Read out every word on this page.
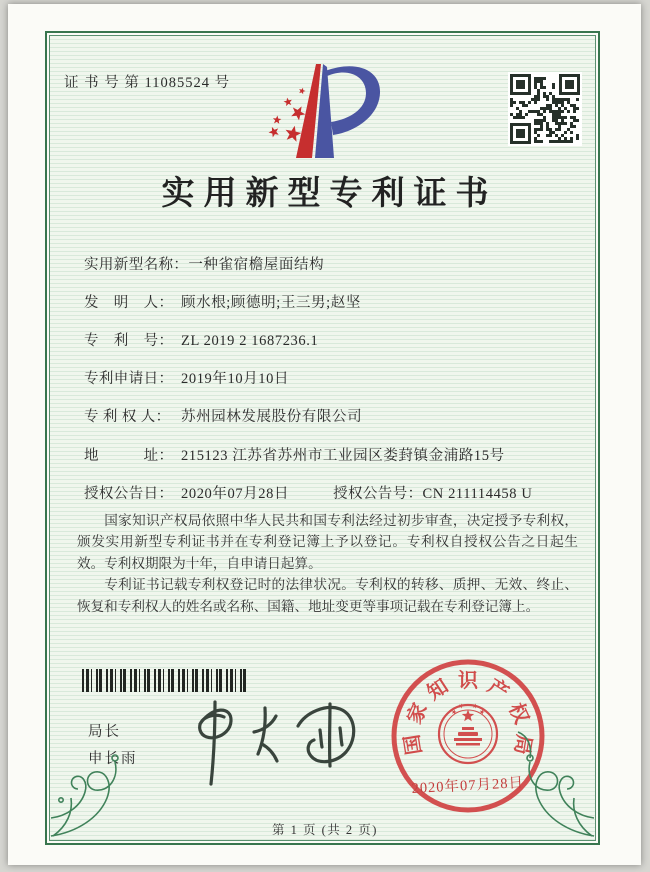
证 书 号 第 11085524 号
实用新型专利证书
实用新型名称：一种雀宿檐屋面结构
发　明　人： 顾水根;顾德明;王三男;赵坚
专　利　号： ZL 2019 2 1687236.1
专利申请日： 2019年10月10日
专 利 权 人： 苏州园林发展股份有限公司
地　　　址： 215123 江苏省苏州市工业园区娄葑镇金浦路15号
授权公告日： 2020年07月28日	授权公告号：CN 211114458 U

国家知识产权局依照中华人民共和国专利法经过初步审查，决定授予专利权，颁发实用新型专利证书并在专利登记簿上予以登记。专利权自授权公告之日起生效。专利权期限为十年，自申请日起算。

专利证书记载专利权登记时的法律状况。专利权的转移、质押、无效、终止、恢复和专利权人的姓名或名称、国籍、地址变更等事项记载在专利登记簿上。

局长
申长雨
国
家
知 识 产
权
局
2020年07月28日
第 1 页 (共 2 页)
